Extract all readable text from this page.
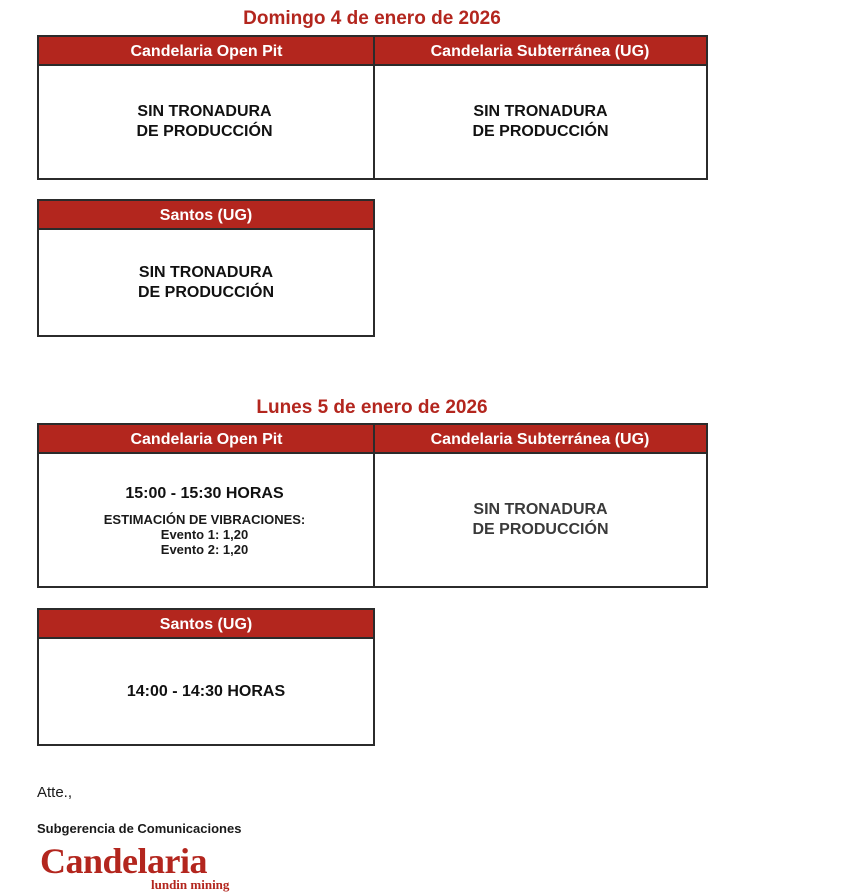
Domingo 4 de enero de 2026
Candelaria Open Pit	Candelaria Subterránea (UG)
SIN TRONADURA
DE PRODUCCIÓN
SIN TRONADURA
DE PRODUCCIÓN
Santos (UG)
SIN TRONADURA
DE PRODUCCIÓN
Lunes 5 de enero de 2026
Candelaria Open Pit	Candelaria Subterránea (UG)
15:00 - 15:30 HORAS
ESTIMACIÓN DE VIBRACIONES:
Evento 1: 1,20
Evento 2: 1,20
SIN TRONADURA
DE PRODUCCIÓN
Santos (UG)
14:00 - 14:30 HORAS
Atte.,
Subgerencia de Comunicaciones
Candelaria
lundin mining
